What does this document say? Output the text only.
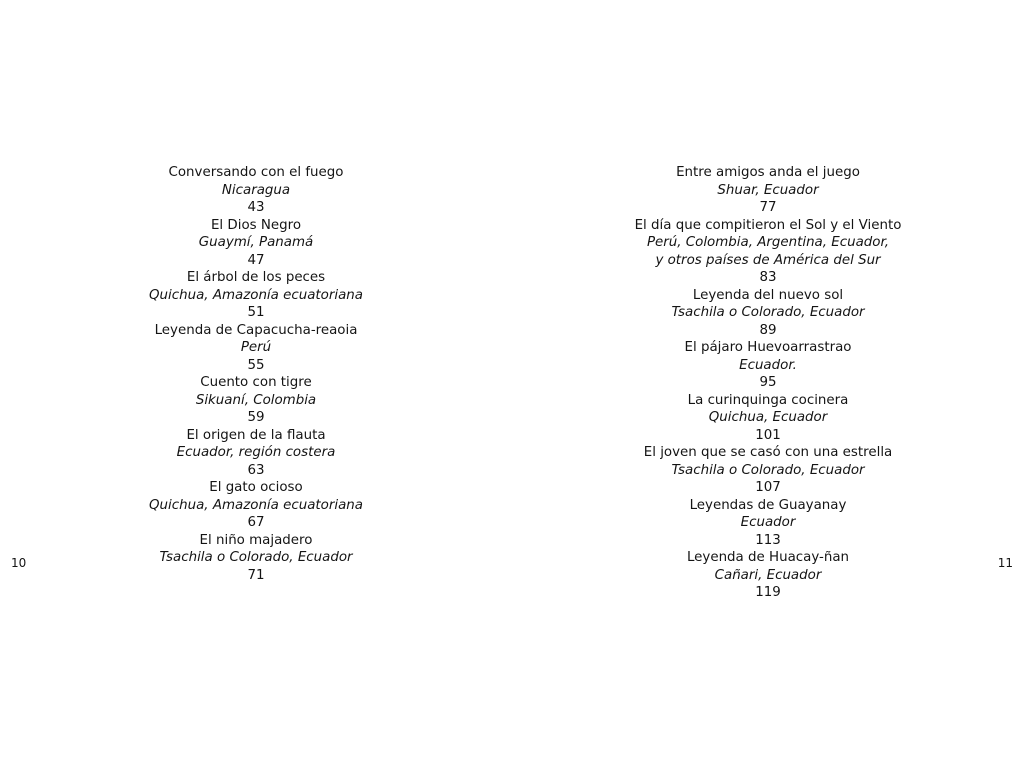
Conversando con el fuego
Nicaragua
43
El Dios Negro
Guaymí, Panamá
47
El árbol de los peces
Quichua, Amazonía ecuatoriana
51
Leyenda de Capacucha-reaoia
Perú
55
Cuento con tigre
Sikuaní, Colombia
59
El origen de la flauta
Ecuador, región costera
63
El gato ocioso
Quichua, Amazonía ecuatoriana
67
El niño majadero
Tsachila o Colorado, Ecuador
71
10
Entre amigos anda el juego
Shuar, Ecuador
77
El día que compitieron el Sol y el Viento
Perú, Colombia, Argentina, Ecuador,
y otros países de América del Sur
83
Leyenda del nuevo sol
Tsachila o Colorado, Ecuador
89
El pájaro Huevoarrastrao
Ecuador.
95
La curinquinga cocinera
Quichua, Ecuador
101
El joven que se casó con una estrella
Tsachila o Colorado, Ecuador
107
Leyendas de Guayanay
Ecuador
113
Leyenda de Huacay-ñan
Cañari, Ecuador
119
11
